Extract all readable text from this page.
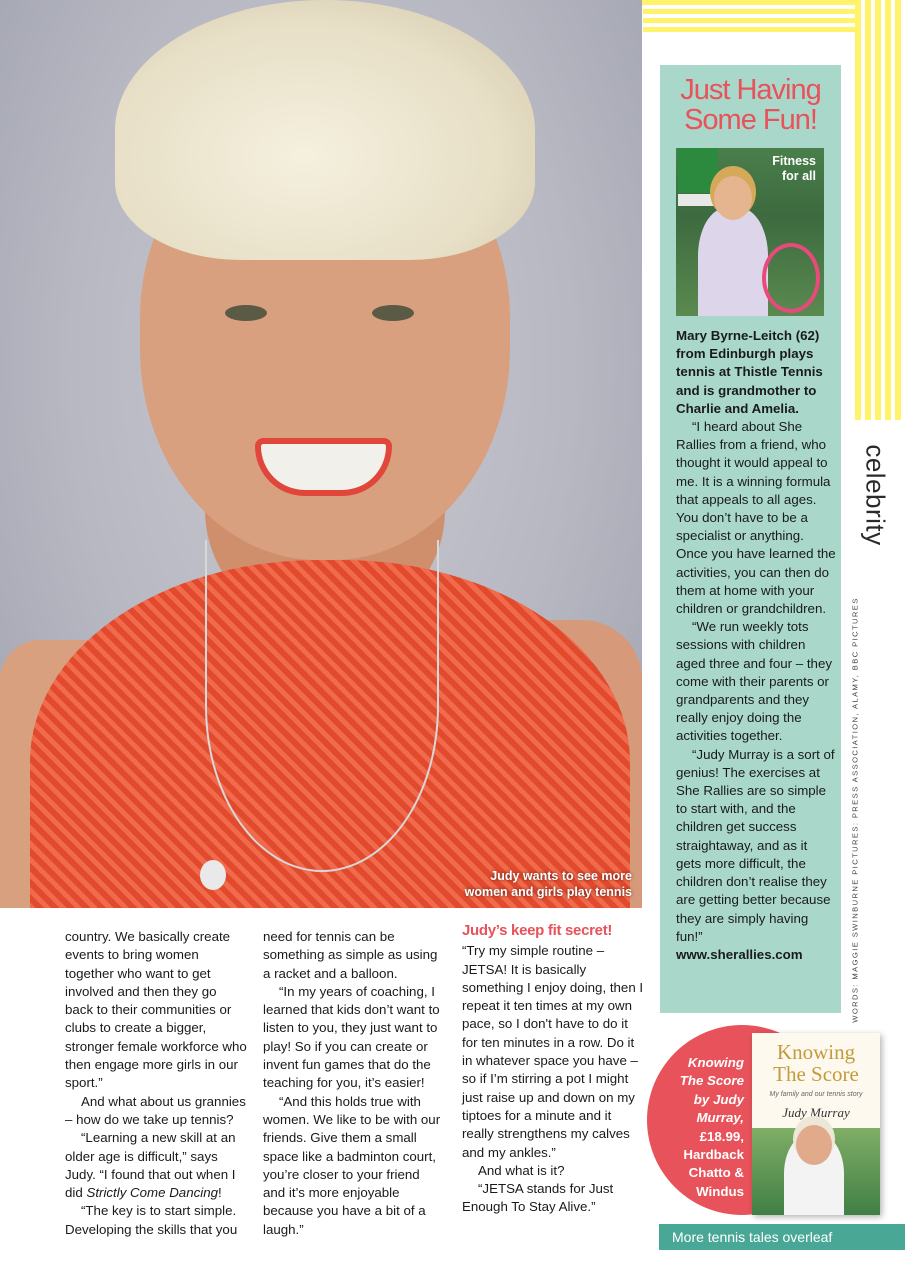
Judy wants to see more
women and girls play tennis
Just Having
Some Fun!
Fitness
for all

Mary Byrne-Leitch (62) from Edinburgh plays tennis at Thistle Tennis and is grandmother to Charlie and Amelia.

“I heard about She Rallies from a friend, who thought it would appeal to me. It is a winning formula that appeals to all ages. You don’t have to be a specialist or anything. Once you have learned the activities, you can then do them at home with your children or grandchildren.

“We run weekly tots sessions with children aged three and four – they come with their parents or grandparents and they really enjoy doing the activities together.

“Judy Murray is a sort of genius! The exercises at She Rallies are so simple to start with, and the children get success straightaway, and as it gets more difficult, the children don’t realise they are getting better because they are simply having fun!”

www.sherallies.com

celebrity
WORDS: MAGGIE SWINBURNE PICTURES: PRESS ASSOCIATION, ALAMY, BBC PICTURES

country. We basically create events to bring women together who want to get involved and then they go back to their communities or clubs to create a bigger, stronger female workforce who then engage more girls in our sport.”

And what about us grannies – how do we take up tennis?

“Learning a new skill at an older age is difficult,” says Judy. “I found that out when I did Strictly Come Dancing!

“The key is to start simple. Developing the skills that you

need for tennis can be something as simple as using a racket and a balloon.

“In my years of coaching, I learned that kids don’t want to listen to you, they just want to play! So if you can create or invent fun games that do the teaching for you, it’s easier!

“And this holds true with women. We like to be with our friends. Give them a small space like a badminton court, you’re closer to your friend and it’s more enjoyable because you have a bit of a laugh.”

Judy’s keep fit secret!

“Try my simple routine – JETSA! It is basically something I enjoy doing, then I repeat it ten times at my own pace, so I don't have to do it for ten minutes in a row. Do it in whatever space you have – so if I’m stirring a pot I might just raise up and down on my tiptoes for a minute and it really strengthens my calves and my ankles.”

And what is it?

“JETSA stands for Just Enough To Stay Alive.”

Knowing
The Score
by Judy
Murray,
£18.99,
Hardback
Chatto &
Windus
Knowing
The Score
My family and our tennis story
Judy Murray
More tennis tales overleaf
